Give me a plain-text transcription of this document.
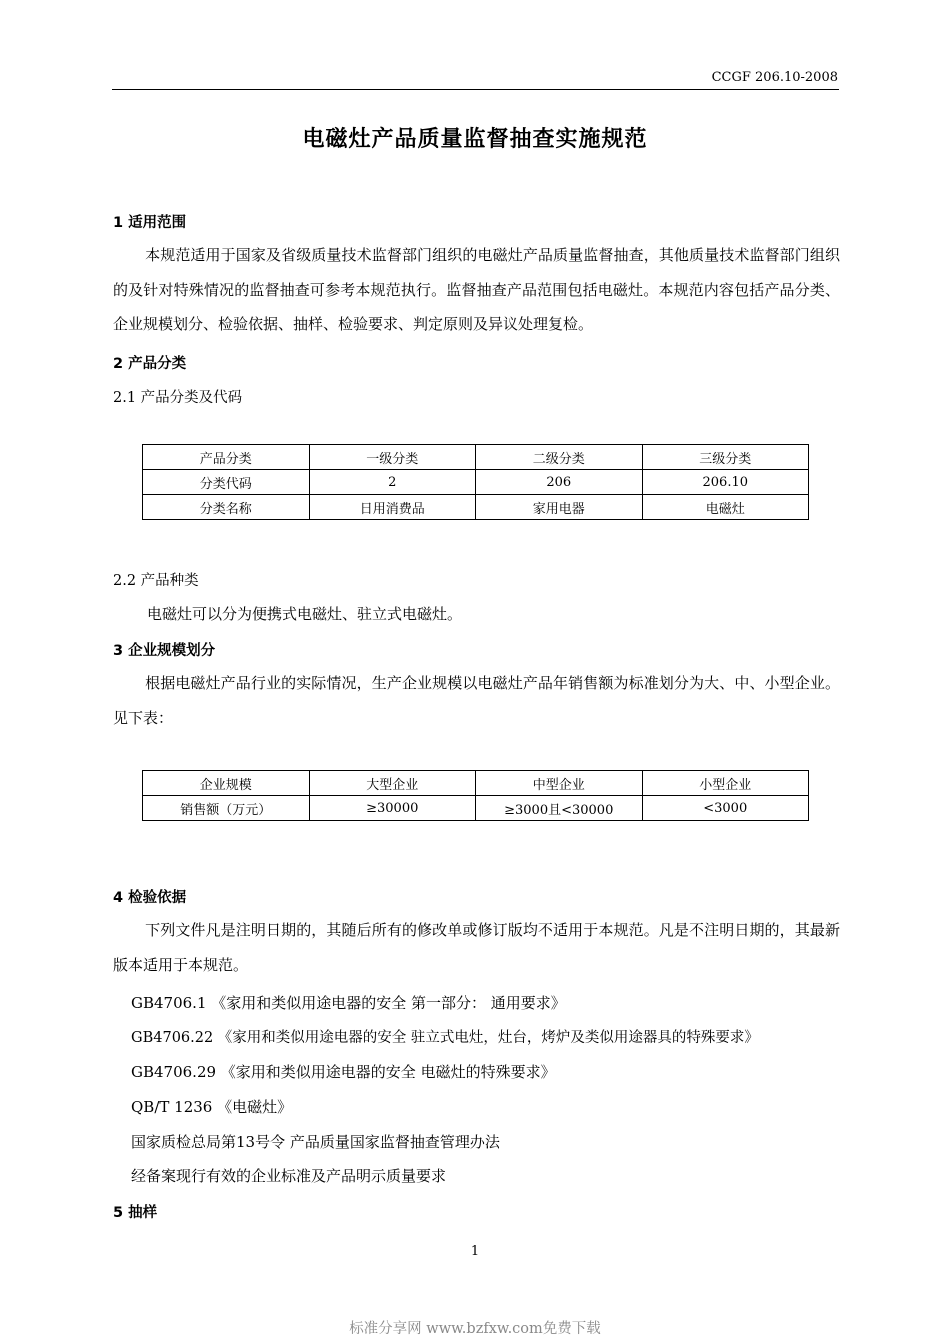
CCGF 206.10-2008
电磁灶产品质量监督抽查实施规范
1 适用范围
本规范适用于国家及省级质量技术监督部门组织的电磁灶产品质量监督抽查，其他质量技术监督部门组织的及针对特殊情况的监督抽查可参考本规范执行。监督抽查产品范围包括电磁灶。本规范内容包括产品分类、企业规模划分、检验依据、抽样、检验要求、判定原则及异议处理复检。
2 产品分类
2.1 产品分类及代码
产品分类	一级分类	二级分类	三级分类
分类代码	2	206	206.10
分类名称	日用消费品	家用电器	电磁灶
2.2 产品种类
电磁灶可以分为便携式电磁灶、驻立式电磁灶。
3 企业规模划分
根据电磁灶产品行业的实际情况，生产企业规模以电磁灶产品年销售额为标准划分为大、中、小型企业。见下表：
企业规模	大型企业	中型企业	小型企业
销售额（万元）	≥30000	≥3000且<30000	<3000
4 检验依据
下列文件凡是注明日期的，其随后所有的修改单或修订版均不适用于本规范。凡是不注明日期的，其最新版本适用于本规范。
GB4706.1 《家用和类似用途电器的安全 第一部分： 通用要求》
GB4706.22 《家用和类似用途电器的安全 驻立式电灶，灶台，烤炉及类似用途器具的特殊要求》
GB4706.29 《家用和类似用途电器的安全 电磁灶的特殊要求》
QB/T 1236 《电磁灶》
国家质检总局第13号令 产品质量国家监督抽查管理办法
经备案现行有效的企业标准及产品明示质量要求
5 抽样
1
标准分享网 www.bzfxw.com免费下载
